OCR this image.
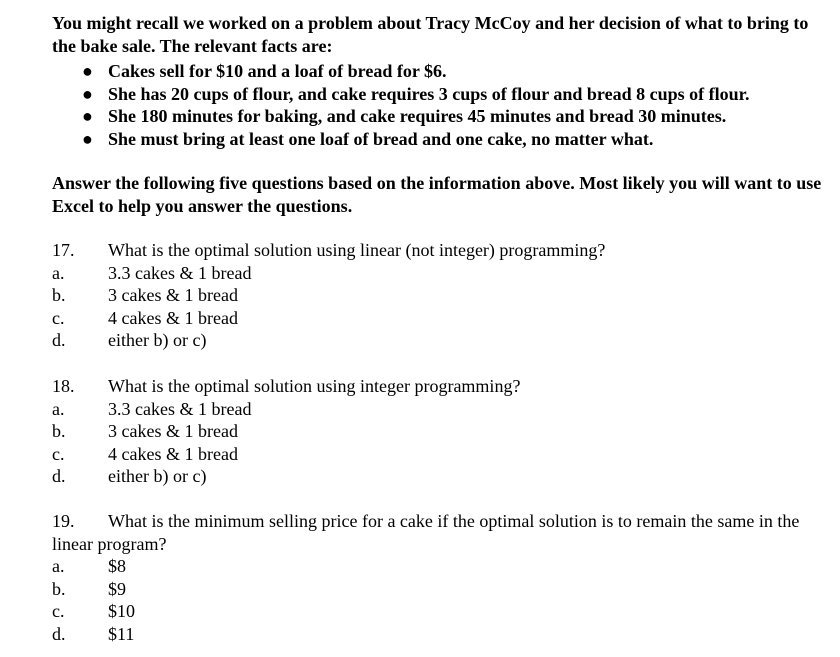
You might recall we worked on a problem about Tracy McCoy and her decision of what to bring to the bake sale. The relevant facts are:
● Cakes sell for $10 and a loaf of bread for $6.
● She has 20 cups of flour, and cake requires 3 cups of flour and bread 8 cups of flour.
● She 180 minutes for baking, and cake requires 45 minutes and bread 30 minutes.
● She must bring at least one loaf of bread and one cake, no matter what.
Answer the following five questions based on the information above. Most likely you will want to use Excel to help you answer the questions.
17. What is the optimal solution using linear (not integer) programming?
a. 3.3 cakes & 1 bread
b. 3 cakes & 1 bread
c. 4 cakes & 1 bread
d. either b) or c)
18. What is the optimal solution using integer programming?
a. 3.3 cakes & 1 bread
b. 3 cakes & 1 bread
c. 4 cakes & 1 bread
d. either b) or c)
19. What is the minimum selling price for a cake if the optimal solution is to remain the same in the linear program?
a. $8
b. $9
c. $10
d. $11
